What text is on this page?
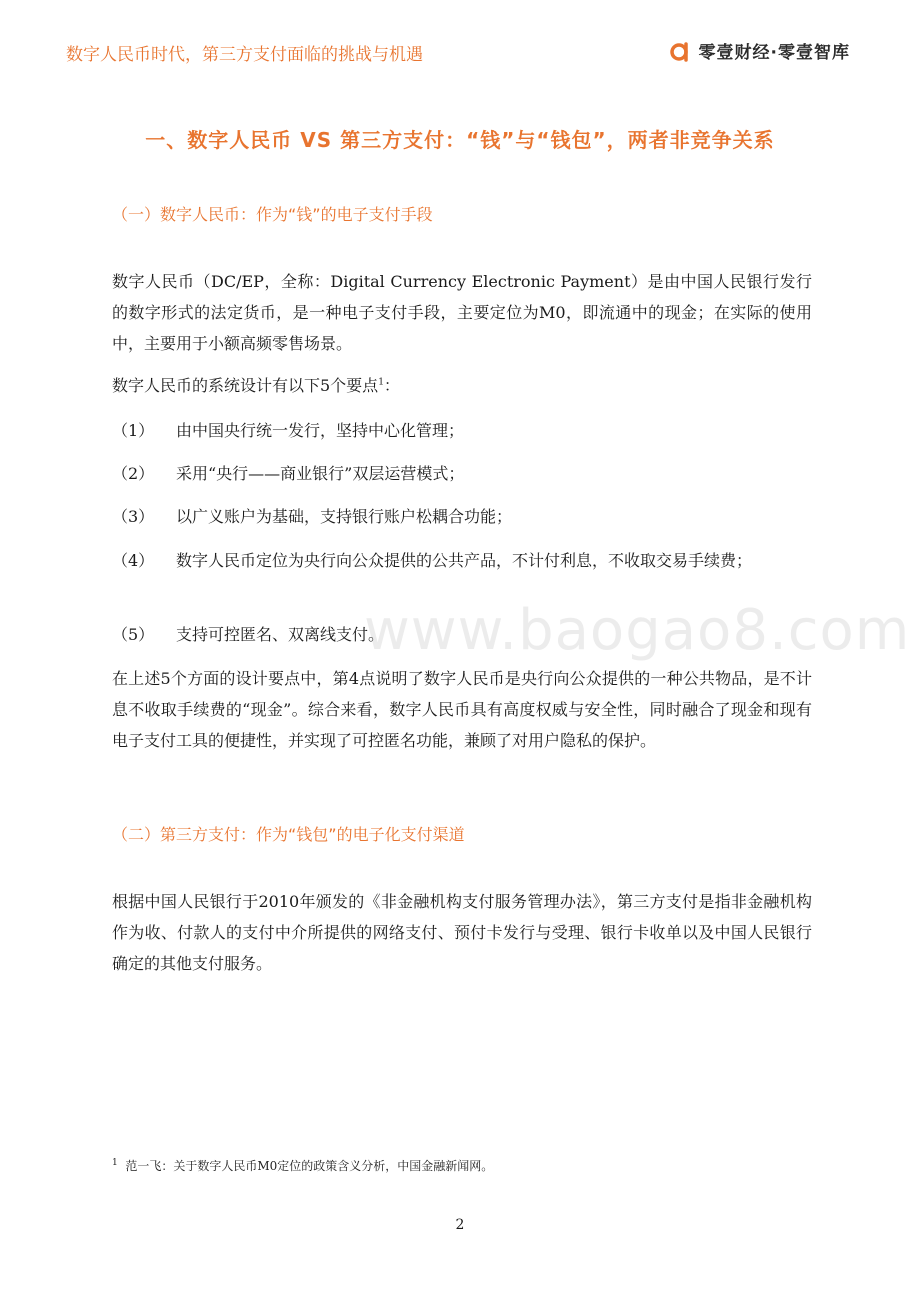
数字人民币时代，第三方支付面临的挑战与机遇	零壹财经·零壹智库
一、数字人民币 VS 第三方支付：“钱”与“钱包”，两者非竞争关系
（一）数字人民币：作为“钱”的电子支付手段

数字人民币（DC/EP，全称：Digital Currency Electronic Payment）是由中国人民银行发行的数字形式的法定货币，是一种电子支付手段，主要定位为M0，即流通中的现金；在实际的使用中，主要用于小额高频零售场景。

数字人民币的系统设计有以下5个要点$^1$：

（1）	由中国央行统一发行，坚持中心化管理；
（2）	采用“央行——商业银行”双层运营模式；
（3）	以广义账户为基础，支持银行账户松耦合功能；
（4）	数字人民币定位为央行向公众提供的公共产品，不计付利息，不收取交易手续费；
（5）	支持可控匿名、双离线支付。
www.baogao8.com

在上述5个方面的设计要点中，第4点说明了数字人民币是央行向公众提供的一种公共物品，是不计息不收取手续费的“现金”。综合来看，数字人民币具有高度权威与安全性，同时融合了现金和现有电子支付工具的便捷性，并实现了可控匿名功能，兼顾了对用户隐私的保护。

（二）第三方支付：作为“钱包”的电子化支付渠道

根据中国人民银行于2010年颁发的《非金融机构支付服务管理办法》，第三方支付是指非金融机构作为收、付款人的支付中介所提供的网络支付、预付卡发行与受理、银行卡收单以及中国人民银行确定的其他支付服务。

$^1$ 范一飞：关于数字人民币M0定位的政策含义分析，中国金融新闻网。
2
